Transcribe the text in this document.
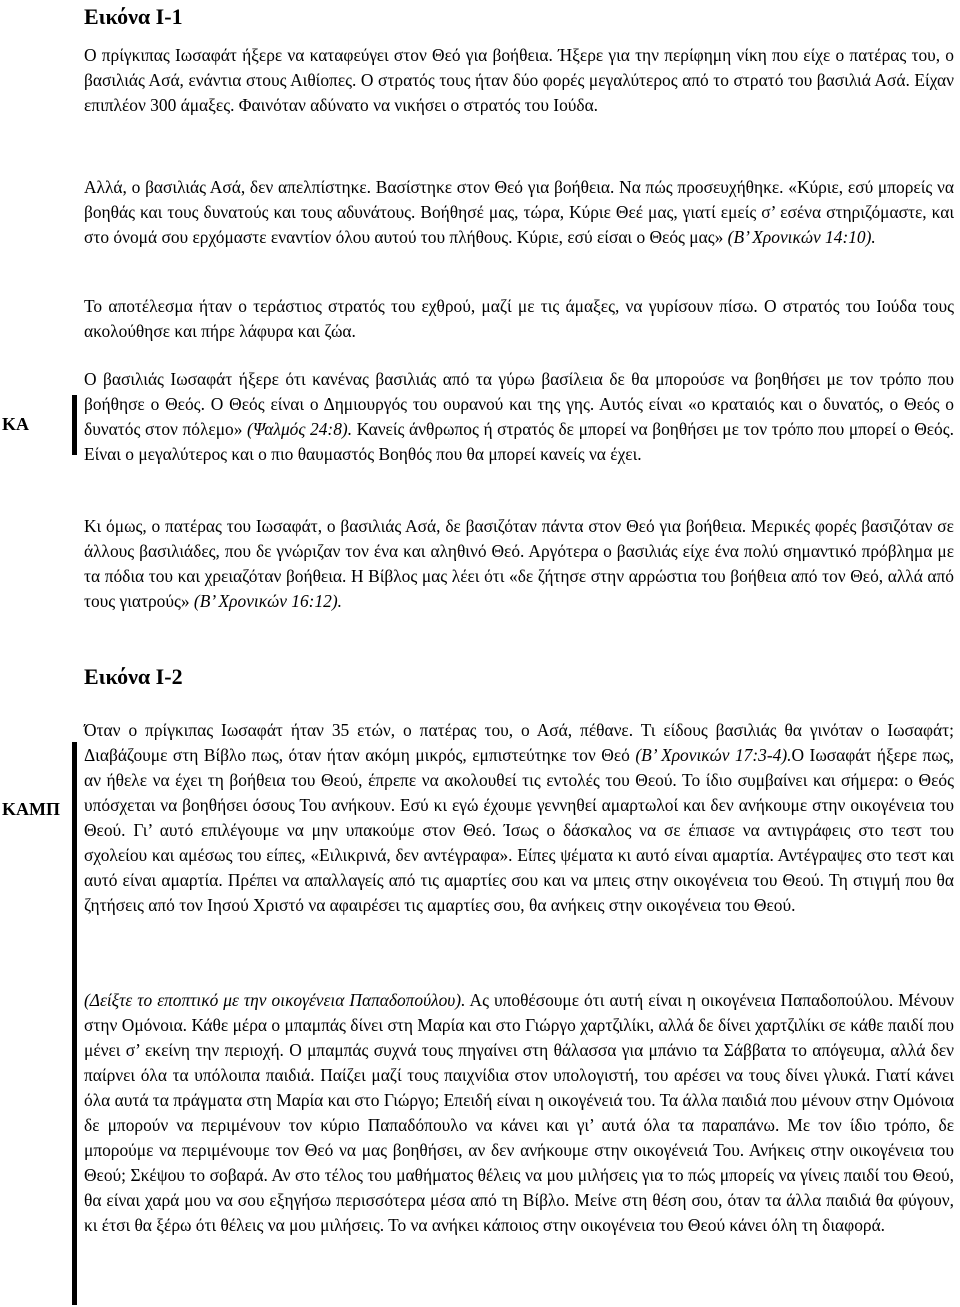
Εικόνα Ι-1

Ο πρίγκιπας Ιωσαφάτ ήξερε να καταφεύγει στον Θεό για βοήθεια. Ήξερε για την περίφημη νίκη που είχε ο πατέρας του, ο βασιλιάς Ασά, ενάντια στους Αιθίοπες. Ο στρατός τους ήταν δύο φορές μεγαλύτερος από το στρατό του βασιλιά Ασά. Είχαν επιπλέον 300 άμαξες. Φαινόταν αδύνατο να νικήσει ο στρατός του Ιούδα.

Αλλά, ο βασιλιάς Ασά, δεν απελπίστηκε. Βασίστηκε στον Θεό για βοήθεια. Να πώς προσευχήθηκε. «Κύριε, εσύ μπορείς να βοηθάς και τους δυνατούς και τους αδυνάτους. Βοήθησέ μας, τώρα, Κύριε Θεέ μας, γιατί εμείς σ’ εσένα στηριζόμαστε, και στο όνομά σου ερχόμαστε εναντίον όλου αυτού του πλήθους. Κύριε, εσύ είσαι ο Θεός μας» (Β’ Χρονικών 14:10).

Το αποτέλεσμα ήταν ο τεράστιος στρατός του εχθρού, μαζί με τις άμαξες, να γυρίσουν πίσω. Ο στρατός του Ιούδα τους ακολούθησε και πήρε λάφυρα και ζώα.

ΚΑ

Ο βασιλιάς Ιωσαφάτ ήξερε ότι κανένας βασιλιάς από τα γύρω βασίλεια δε θα μπορούσε να βοηθήσει με τον τρόπο που βοήθησε ο Θεός. Ο Θεός είναι ο Δημιουργός του ουρανού και της γης. Αυτός είναι «ο κραταιός και ο δυνατός, ο Θεός ο δυνατός στον πόλεμο» (Ψαλμός 24:8). Κανείς άνθρωπος ή στρατός δε μπορεί να βοηθήσει με τον τρόπο που μπορεί ο Θεός. Είναι ο μεγαλύτερος και ο πιο θαυμαστός Βοηθός που θα μπορεί κανείς να έχει.

Κι όμως, ο πατέρας του Ιωσαφάτ, ο βασιλιάς Ασά, δε βασιζόταν πάντα στον Θεό για βοήθεια. Μερικές φορές βασιζόταν σε άλλους βασιλιάδες, που δε γνώριζαν τον ένα και αληθινό Θεό. Αργότερα ο βασιλιάς είχε ένα πολύ σημαντικό πρόβλημα με τα πόδια του και χρειαζόταν βοήθεια. Η Βίβλος μας λέει ότι «δε ζήτησε στην αρρώστια του βοήθεια από τον Θεό, αλλά από τους γιατρούς» (Β’ Χρονικών 16:12).

Εικόνα Ι-2
ΚΑΜΠ

Όταν ο πρίγκιπας Ιωσαφάτ ήταν 35 ετών, ο πατέρας του, ο Ασά, πέθανε. Τι είδους βασιλιάς θα γινόταν ο Ιωσαφάτ; Διαβάζουμε στη Βίβλο πως, όταν ήταν ακόμη μικρός, εμπιστεύτηκε τον Θεό (Β’ Χρονικών 17:3-4).Ο Ιωσαφάτ ήξερε πως, αν ήθελε να έχει τη βοήθεια του Θεού, έπρεπε να ακολουθεί τις εντολές του Θεού. Το ίδιο συμβαίνει και σήμερα: ο Θεός υπόσχεται να βοηθήσει όσους Του ανήκουν. Εσύ κι εγώ έχουμε γεννηθεί αμαρτωλοί και δεν ανήκουμε στην οικογένεια του Θεού. Γι’ αυτό επιλέγουμε να μην υπακούμε στον Θεό. Ίσως ο δάσκαλος να σε έπιασε να αντιγράφεις στο τεστ του σχολείου και αμέσως του είπες, «Ειλικρινά, δεν αντέγραφα». Είπες ψέματα κι αυτό είναι αμαρτία. Αντέγραψες στο τεστ και αυτό είναι αμαρτία. Πρέπει να απαλλαγείς από τις αμαρτίες σου και να μπεις στην οικογένεια του Θεού. Τη στιγμή που θα ζητήσεις από τον Ιησού Χριστό να αφαιρέσει τις αμαρτίες σου, θα ανήκεις στην οικογένεια του Θεού.

(Δείξτε το εποπτικό με την οικογένεια Παπαδοπούλου). Ας υποθέσουμε ότι αυτή είναι η οικογένεια Παπαδοπούλου. Μένουν στην Ομόνοια. Κάθε μέρα ο μπαμπάς δίνει στη Μαρία και στο Γιώργο χαρτζιλίκι, αλλά δε δίνει χαρτζιλίκι σε κάθε παιδί που μένει σ’ εκείνη την περιοχή. Ο μπαμπάς συχνά τους πηγαίνει στη θάλασσα για μπάνιο τα Σάββατα το απόγευμα, αλλά δεν παίρνει όλα τα υπόλοιπα παιδιά. Παίζει μαζί τους παιχνίδια στον υπολογιστή, του αρέσει να τους δίνει γλυκά. Γιατί κάνει όλα αυτά τα πράγματα στη Μαρία και στο Γιώργο; Επειδή είναι η οικογένειά του. Τα άλλα παιδιά που μένουν στην Ομόνοια δε μπορούν να περιμένουν τον κύριο Παπαδόπουλο να κάνει και γι’ αυτά όλα τα παραπάνω. Με τον ίδιο τρόπο, δε μπορούμε να περιμένουμε τον Θεό να μας βοηθήσει, αν δεν ανήκουμε στην οικογένειά Του. Ανήκεις στην οικογένεια του Θεού; Σκέψου το σοβαρά. Αν στο τέλος του μαθήματος θέλεις να μου μιλήσεις για το πώς μπορείς να γίνεις παιδί του Θεού, θα είναι χαρά μου να σου εξηγήσω περισσότερα μέσα από τη Βίβλο. Μείνε στη θέση σου, όταν τα άλλα παιδιά θα φύγουν, κι έτσι θα ξέρω ότι θέλεις να μου μιλήσεις. Το να ανήκει κάποιος στην οικογένεια του Θεού κάνει όλη τη διαφορά.
